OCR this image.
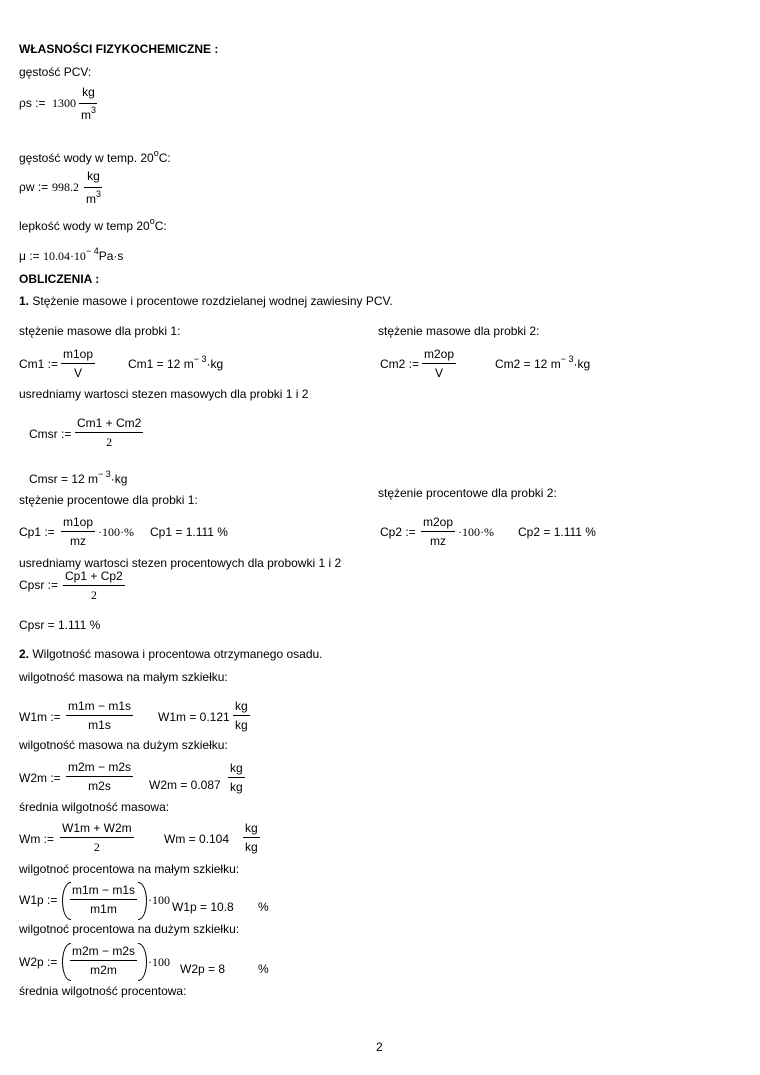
WŁASNOŚCI FIZYKOCHEMICZNE :
gęstość PCV:
ρs := 1300
kg
$m^3$
gęstość wody w temp. 20$^o$C:
ρw := 998.2
kg
$m^3$
lepkość wody w temp 20$^o$C:
μ := $10.04\cdot 10^{- 4}Pa\cdot s$
OBLICZENIA :
1. Stężenie masowe i procentowe rozdzielanej wodnej zawiesiny PCV.
stężenie masowe dla probki 1:	stężenie masowe dla probki 2:
Cm1 := $\frac{m1op}{V}$	Cm1 = 12 $m^{- 3}\cdot kg$	Cm2 := $\frac{m2op}{V}$	Cm2 = 12 $m^{- 3}\cdot kg$
usredniamy wartosci stezen masowych dla probki 1 i 2
Cmsr := $\frac{Cm1 + Cm2}{2}$
Cmsr = 12 $m^{- 3}\cdot kg$
stężenie procentowe dla probki 1:	stężenie procentowe dla probki 2:
Cp1 := $\frac{m1op}{mz} \cdot 100\cdot\%$ Cp1 = 1.111 %	Cp2 := $\frac{m2op}{mz} \cdot 100\cdot\%$ Cp2 = 1.111 %
usredniamy wartosci stezen procentowych dla probowki 1 i 2
Cpsr := $\frac{Cp1 + Cp2}{2}$
Cpsr = 1.111 %
2. Wilgotność masowa i procentowa otrzymanego osadu.
wilgotność masowa na małym szkiełku:
W1m := $\frac{m1m - m1s}{m1s} W1m = 0.121 \frac{kg}{kg}$
wilgotność masowa na dużym szkiełku:
W2m := $\frac{m2m - m2s}{m2s} W2m = 0.087 \frac{kg}{kg}$
średnia wilgotność masowa:
Wm := $\frac{W1m + W2m}{2}$	$Wm = 0.104 \frac{kg}{kg}$
wilgotnoć procentowa na małym szkiełku:
W1p := $\frac{m1m - m1s}{m1m} \cdot 100$ W1p = 10.8 %
wilgotnoć procentowa na dużym szkiełku:
W2p := $\frac{m2m - m2s}{m2m} \cdot 100$ W2p = 8	%
średnia wilgotność procentowa:
2
